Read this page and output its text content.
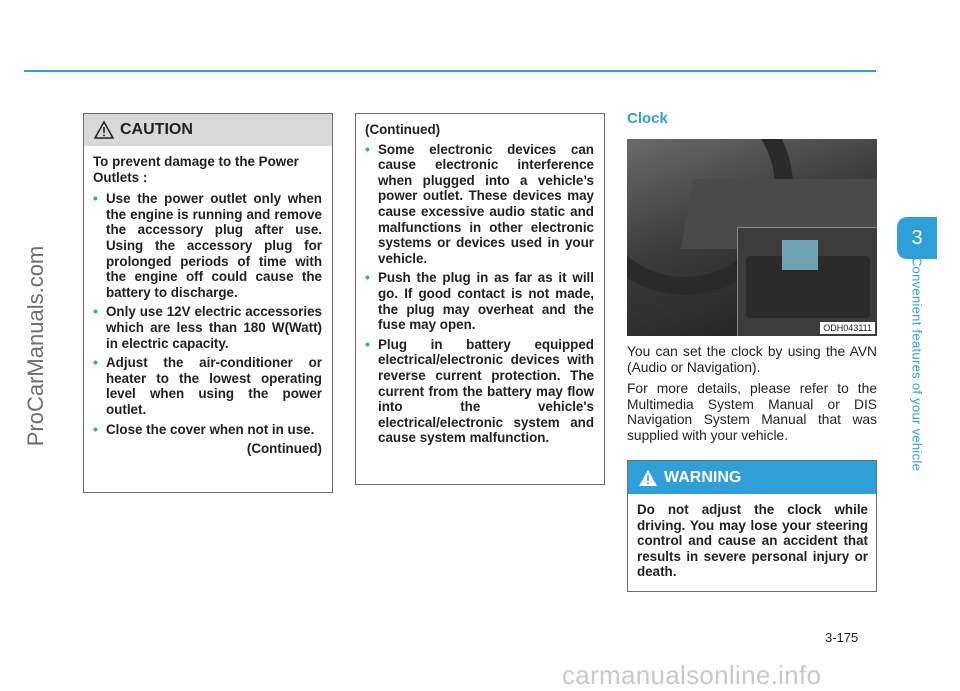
3
Convenient features of your vehicle
ProCarManuals.com
CAUTION

To prevent damage to the Power Outlets :

• Use the power outlet only when the engine is running and remove the accessory plug after use. Using the accessory plug for prolonged periods of time with the engine off could cause the battery to discharge.
• Only use 12V electric accessories which are less than 180 W(Watt) in electric capacity.
• Adjust the air-conditioner or heater to the lowest operating level when using the power outlet.
• Close the cover when not in use.
(Continued)
(Continued)
• Some electronic devices can cause electronic interference when plugged into a vehicle’s power outlet. These devices may cause excessive audio static and malfunctions in other electronic systems or devices used in your vehicle.
• Push the plug in as far as it will go. If good contact is not made, the plug may overheat and the fuse may open.
• Plug in battery equipped electrical/electronic devices with reverse current protection. The current from the battery may flow into the vehicle's electrical/electronic system and cause system malfunction.
Clock
ODH043111

You can set the clock by using the AVN (Audio or Navigation).

For more details, please refer to the Multimedia System Manual or DIS Navigation System Manual that was supplied with your vehicle.

WARNING
Do not adjust the clock while driving. You may lose your steering control and cause an accident that results in severe personal injury or death.
3-175
carmanualsonline.info
